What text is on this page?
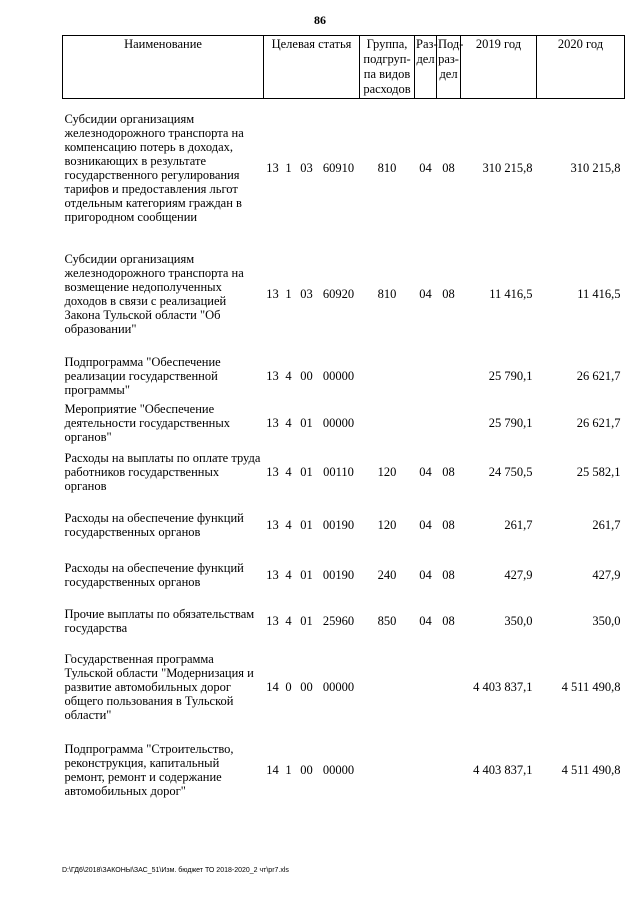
86
Наименование	Целевая статья				Группа, подгруп- па видов расходов	Раз- дел	Под- раз- дел	2019 год	2020 год

Субсидии организациям железнодорожного транспорта на компенсацию потерь в доходах, возникающих в результате государственного регулирования тарифов и предоставления льгот отдельным категориям граждан в пригородном сообщении	13	1	03	60910	810	04	08	310 215,8	310 215,8

Субсидии организациям железнодорожного транспорта на возмещение недополученных доходов в связи с реализацией Закона Тульской области "Об образовании"	13	1	03	60920	810	04	08	11 416,5	11 416,5

Подпрограмма "Обеспечение реализации государственной программы"	13	4	00	00000				25 790,1	26 621,7
Мероприятие "Обеспечение деятельности государственных органов"	13	4	01	00000				25 790,1	26 621,7
Расходы на выплаты по оплате труда работников государственных органов	13	4	01	00110	120	04	08	24 750,5	25 582,1

Расходы на обеспечение функций государственных органов	13	4	01	00190	120	04	08	261,7	261,7

Расходы на обеспечение функций государственных органов	13	4	01	00190	240	04	08	427,9	427,9

Прочие выплаты по обязательствам государства	13	4	01	25960	850	04	08	350,0	350,0

Государственная программа Тульской области "Модернизация и развитие автомобильных дорог общего пользования в Тульской области"	14	0	00	00000				4 403 837,1	4 511 490,8

Подпрограмма "Строительство, реконструкция, капитальный ремонт, ремонт и содержание автомобильных дорог"	14	1	00	00000				4 403 837,1	4 511 490,8
D:\ГД6\2018\ЗАКОНЫ\ЗАС_51\Изм. бюджет ТО 2018-2020_2 чт\pr7.xls
